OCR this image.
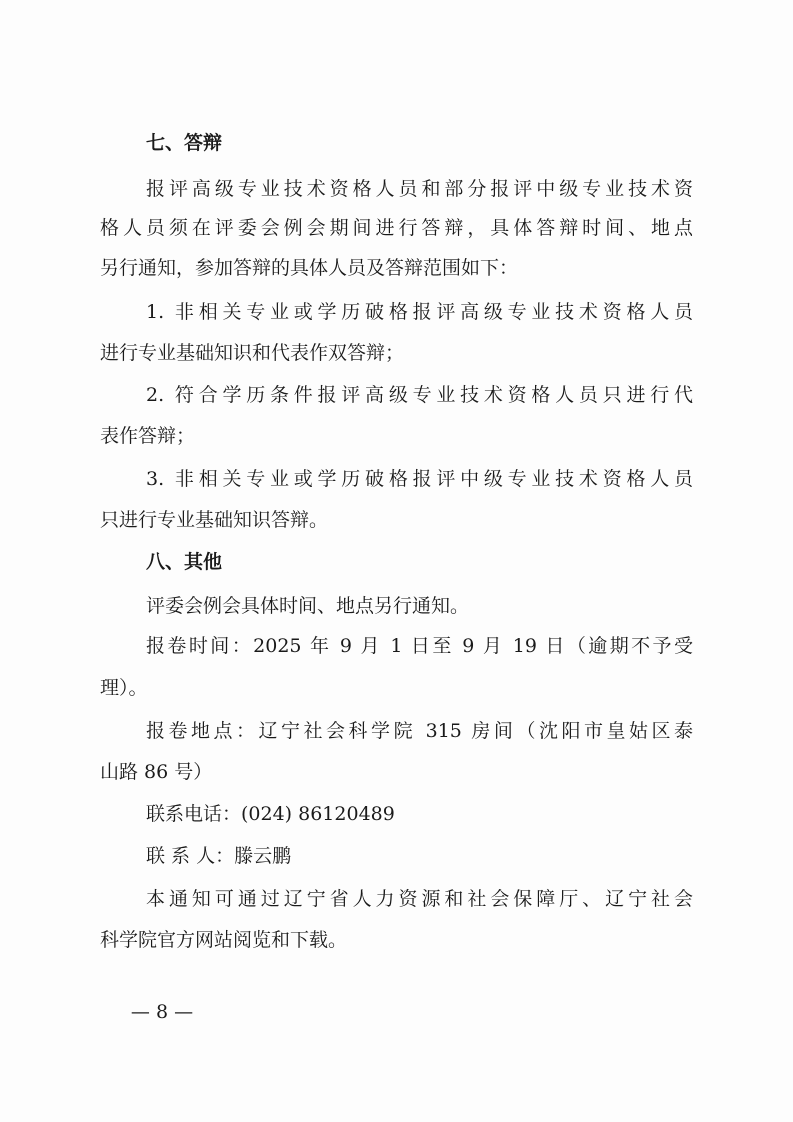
七、答辩
报评高级专业技术资格人员和部分报评中级专业技术资
格人员须在评委会例会期间进行答辩，具体答辩时间、地点
另行通知，参加答辩的具体人员及答辩范围如下：
1. 非相关专业或学历破格报评高级专业技术资格人员
进行专业基础知识和代表作双答辩；
2. 符合学历条件报评高级专业技术资格人员只进行代
表作答辩；
3. 非相关专业或学历破格报评中级专业技术资格人员
只进行专业基础知识答辩。
八、其他
评委会例会具体时间、地点另行通知。
报卷时间：2025 年 9 月 1 日至 9 月 19 日（逾期不予受
理）。
报卷地点：辽宁社会科学院 315 房间（沈阳市皇姑区泰
山路 86 号）
联系电话：(024) 86120489
联 系 人：滕云鹏
本通知可通过辽宁省人力资源和社会保障厅、辽宁社会
科学院官方网站阅览和下载。
— 8 —
